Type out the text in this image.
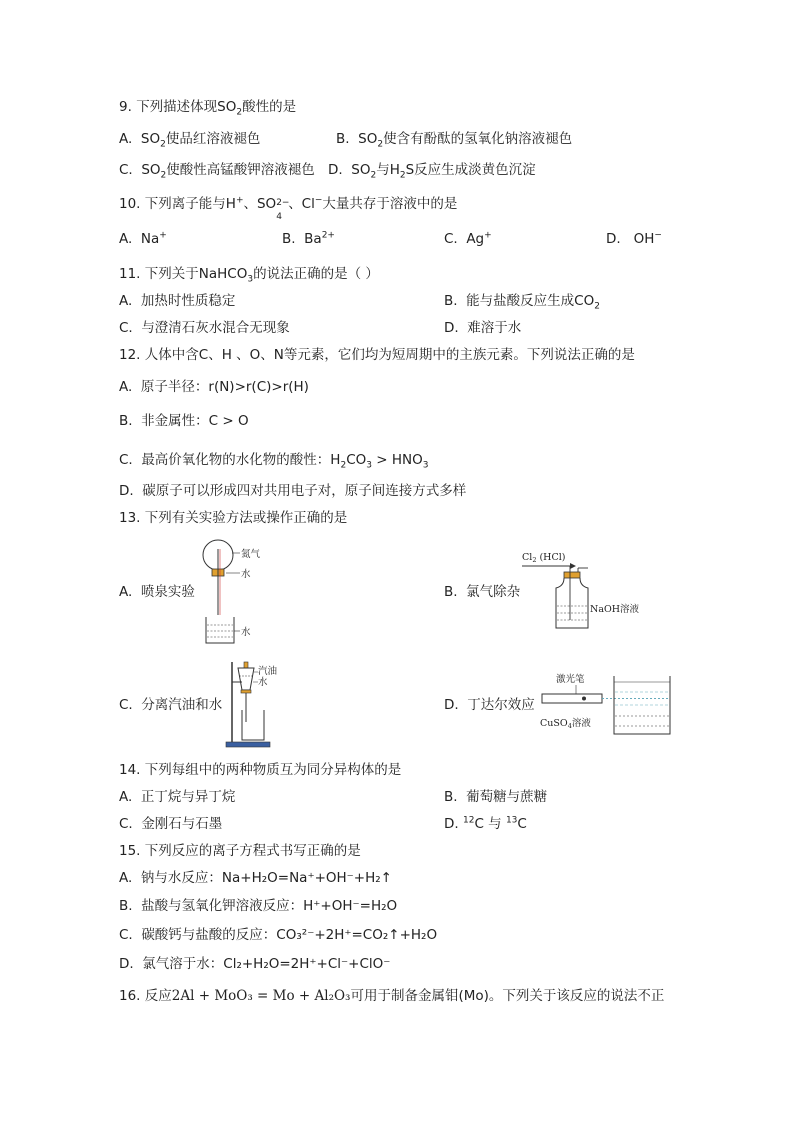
9. 下列描述体现$SO_2$酸性的是
A. $SO_2$使品红溶液褪色	B. $SO_2$使含有酚酞的氢氧化钠溶液褪色
C. $SO_2$使酸性高锰酸钾溶液褪色 D. $SO_2$与$H_2S$反应生成淡黄色沉淀
10. 下列离子能与H+、SO 2−
4
、Cl−大量共存于溶液中的是
A. Na+	B. $Ba^{2+}$	C. Ag+	D. OH−
11. 下列关于NaHCO$_3$的说法正确的是（ ）
A. 加热时性质稳定	B. 能与盐酸反应生成$CO_2$
C. 与澄清石灰水混合无现象	D. 难溶于水
12. 人体中含C、H 、O、N等元素，它们均为短周期中的主族元素。下列说法正确的是
A. 原子半径：r(N)>r(C)>r(H)
B. 非金属性：C > O
C. 最高价氧化物的水化物的酸性：$H_2CO_3 > HNO_3$
D. 碳原子可以形成四对共用电子对，原子间连接方式多样
13. 下列有关实验方法或操作正确的是
A. 喷泉实验
氮气
水
水
B. 氯气除杂
$Cl_2$ (HCl)
NaOH溶液
C. 分离汽油和水
汽油
水
D. 丁达尔效应
激光笔
CuSO$_4$溶液
14. 下列每组中的两种物质互为同分异构体的是
A. 正丁烷与异丁烷	B. 葡萄糖与蔗糖
C. 金刚石与石墨	D. $^{12}$C 与 $^{13}$C
15. 下列反应的离子方程式书写正确的是
A. 钠与水反应：Na+H₂O=Na⁺+OH⁻+H₂↑
B. 盐酸与氢氧化钾溶液反应：H⁺+OH⁻=H₂O
C. 碳酸钙与盐酸的反应：CO₃²⁻+2H⁺=CO₂↑+H₂O
D. 氯气溶于水：Cl₂+H₂O=2H⁺+Cl⁻+ClO⁻
16. 反应2Al + MoO₃ = Mo + Al₂O₃可用于制备金属钼(Mo)。下列关于该反应的说法不正
